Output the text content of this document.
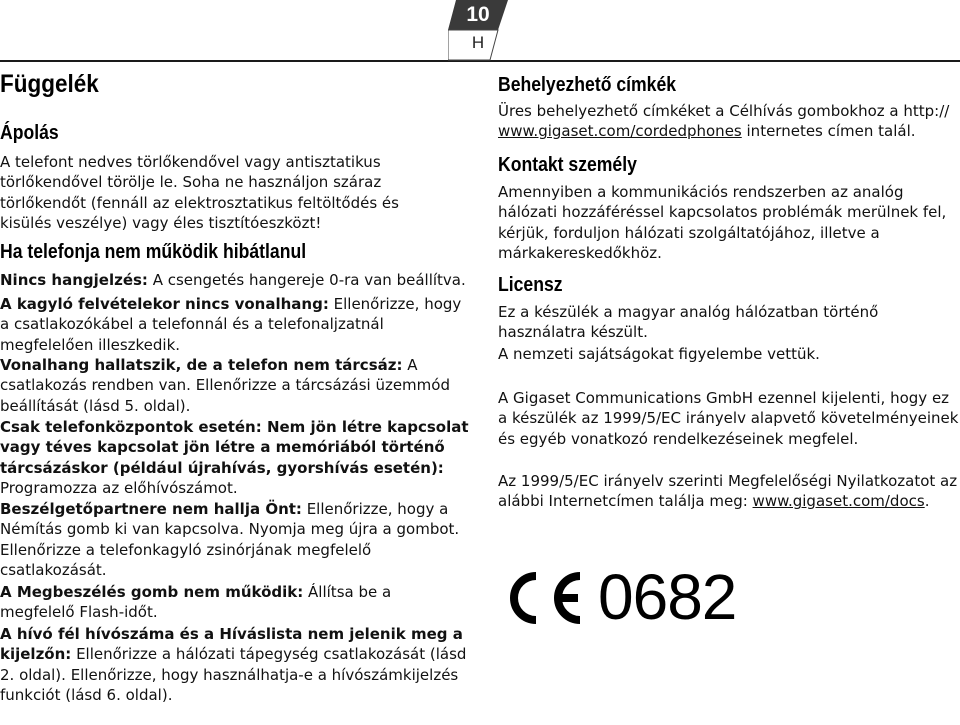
10
H
Függelék
Ápolás

A telefont nedves törlőkendővel vagy antisztatikus
törlőkendővel törölje le. Soha ne használjon száraz
törlőkendőt (fennáll az elektrosztatikus feltöltődés és
kisülés veszélye) vagy éles tisztítóeszközt!

Ha telefonja nem működik hibátlanul

Nincs hangjelzés: A csengetés hangereje 0-ra van beállítva.

A kagyló felvételekor nincs vonalhang: Ellenőrizze, hogy a csatlakozókábel a telefonnál és a telefonaljzatnál megfelelően illeszkedik.

Vonalhang hallatszik, de a telefon nem tárcsáz: A csatlakozás rendben van. Ellenőrizze a tárcsázási üzemmód beállítását (lásd 5. oldal).

Csak telefonközpontok esetén: Nem jön létre kapcsolat vagy téves kapcsolat jön létre a memóriából történő tárcsázáskor (például újrahívás, gyorshívás esetén): Programozza az előhívószámot.

Beszélgetőpartnere nem hallja Önt: Ellenőrizze, hogy a Némítás gomb ki van kapcsolva. Nyomja meg újra a gombot. Ellenőrizze a telefonkagyló zsinórjának megfelelő csatlakozását.

A Megbeszélés gomb nem működik: Állítsa be a megfelelő Flash-időt.

A hívó fél hívószáma és a Híváslista nem jelenik meg a kijelzőn: Ellenőrizze a hálózati tápegység csatlakozását (lásd 2. oldal). Ellenőrizze, hogy használhatja-e a hívószámkijelzés funkciót (lásd 6. oldal).

Behelyezhető címkék

Üres behelyezhető címkéket a Célhívás gombokhoz a http:// www.gigaset.com/cordedphones internetes címen talál.

Kontakt személy

Amennyiben a kommunikációs rendszerben az analóg hálózati hozzáféréssel kapcsolatos problémák merülnek fel, kérjük, forduljon hálózati szolgáltatójához, illetve a márkakereskedőkhöz.

Licensz

Ez a készülék a magyar analóg hálózatban történő használatra készült.

A nemzeti sajátságokat figyelembe vettük.

A Gigaset Communications GmbH ezennel kijelenti, hogy ez a készülék az 1999/5/EC irányelv alapvető követelményeinek és egyéb vonatkozó rendelkezéseinek megfelel.

Az 1999/5/EC irányelv szerinti Megfelelőségi Nyilatkozatot az alábbi Internetcímen találja meg: www.gigaset.com/docs.

0682
